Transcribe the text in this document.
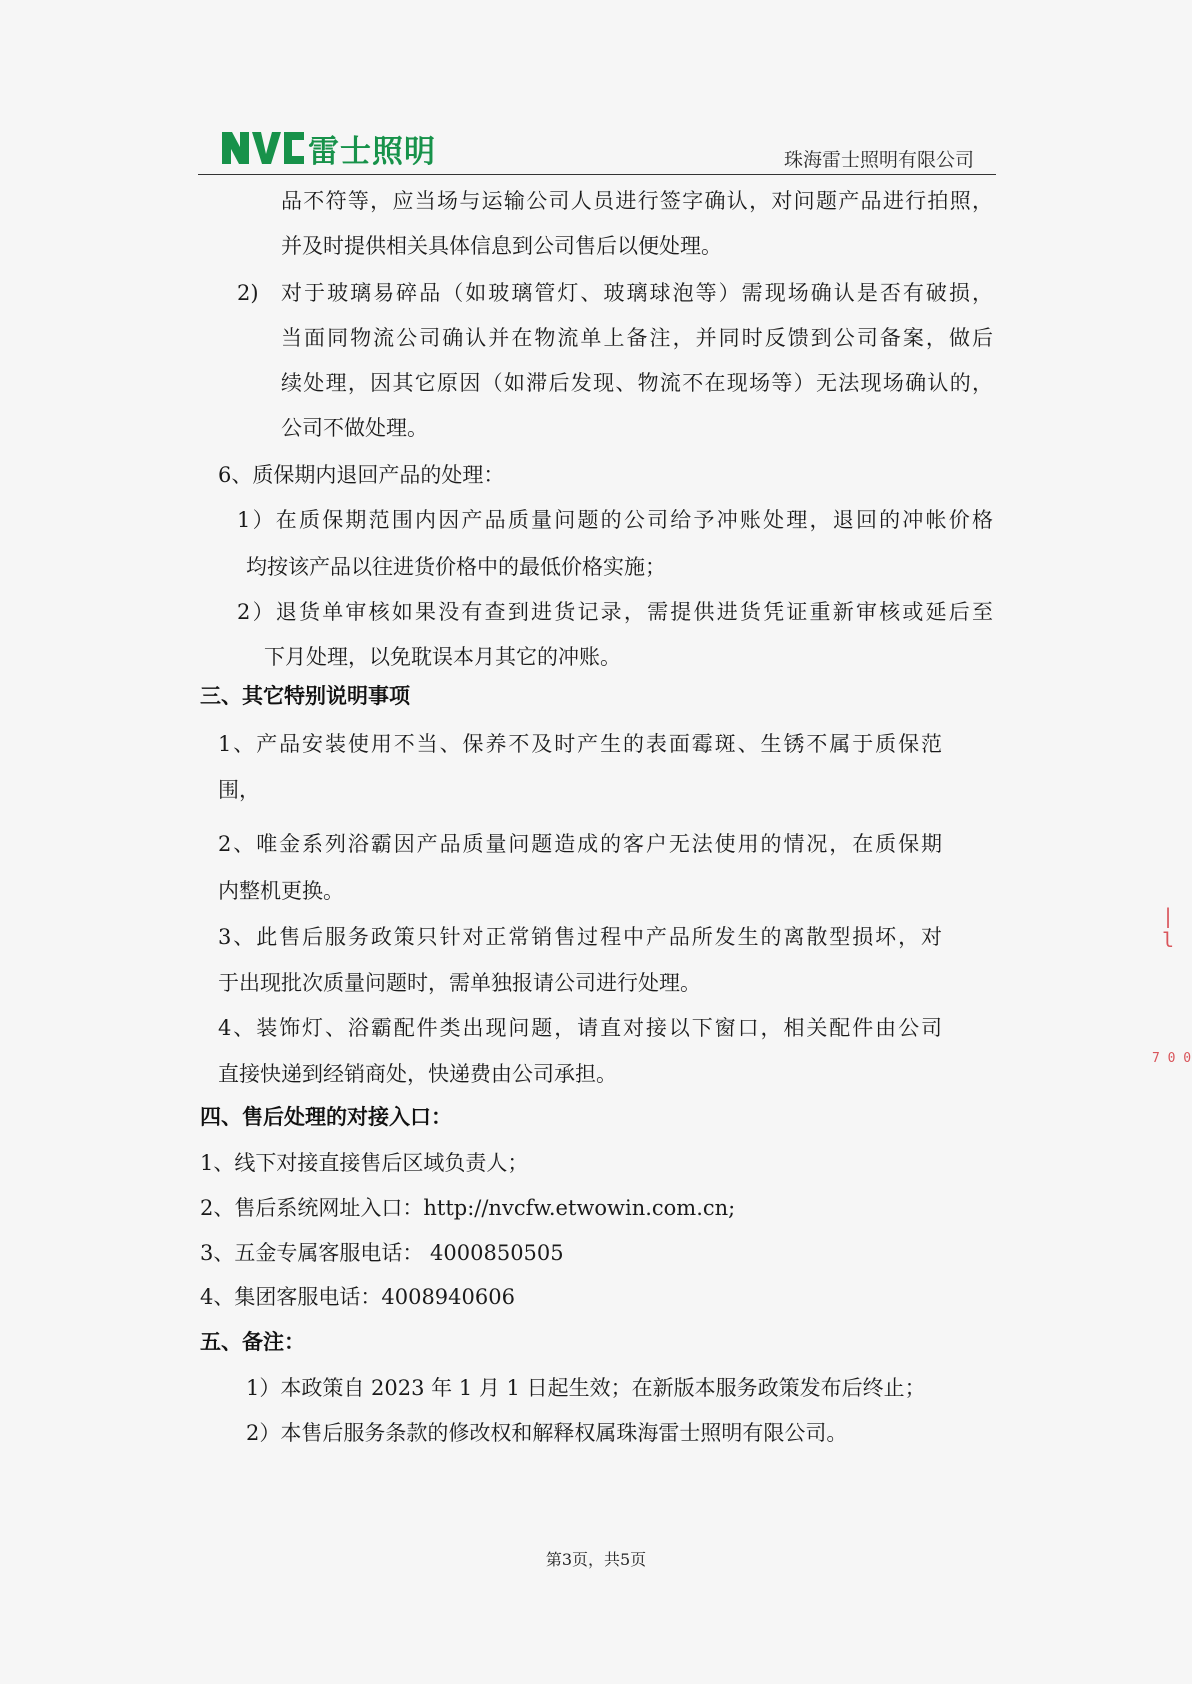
雷士照明	珠海雷士照明有限公司
品不符等，应当场与运输公司人员进行签字确认，对问题产品进行拍照，
并及时提供相关具体信息到公司售后以便处理。
2) 对于玻璃易碎品（如玻璃管灯、玻璃球泡等）需现场确认是否有破损，
当面同物流公司确认并在物流单上备注，并同时反馈到公司备案，做后
续处理，因其它原因（如滞后发现、物流不在现场等）无法现场确认的，
公司不做处理。
6、质保期内退回产品的处理：
1）在质保期范围内因产品质量问题的公司给予冲账处理，退回的冲帐价格
均按该产品以往进货价格中的最低价格实施；
2）退货单审核如果没有查到进货记录，需提供进货凭证重新审核或延后至
下月处理，以免耽误本月其它的冲账。
三、其它特别说明事项
1、产品安装使用不当、保养不及时产生的表面霉斑、生锈不属于质保范
围，
2、唯金系列浴霸因产品质量问题造成的客户无法使用的情况，在质保期
内整机更换。
3、此售后服务政策只针对正常销售过程中产品所发生的离散型损坏，对
于出现批次质量问题时，需单独报请公司进行处理。
4、装饰灯、浴霸配件类出现问题，请直对接以下窗口，相关配件由公司
直接快递到经销商处，快递费由公司承担。
四、售后处理的对接入口：
1、线下对接直接售后区域负责人；
2、售后系统网址入口：http://nvcfw.etwowin.com.cn;
3、五金专属客服电话： 4000850505
4、集团客服电话：4008940606
五、备注：
1）本政策自 2023 年 1 月 1 日起生效；在新版本服务政策发布后终止；
2）本售后服务条款的修改权和解释权属珠海雷士照明有限公司。
第3页，共5页
| l
7 0 0
